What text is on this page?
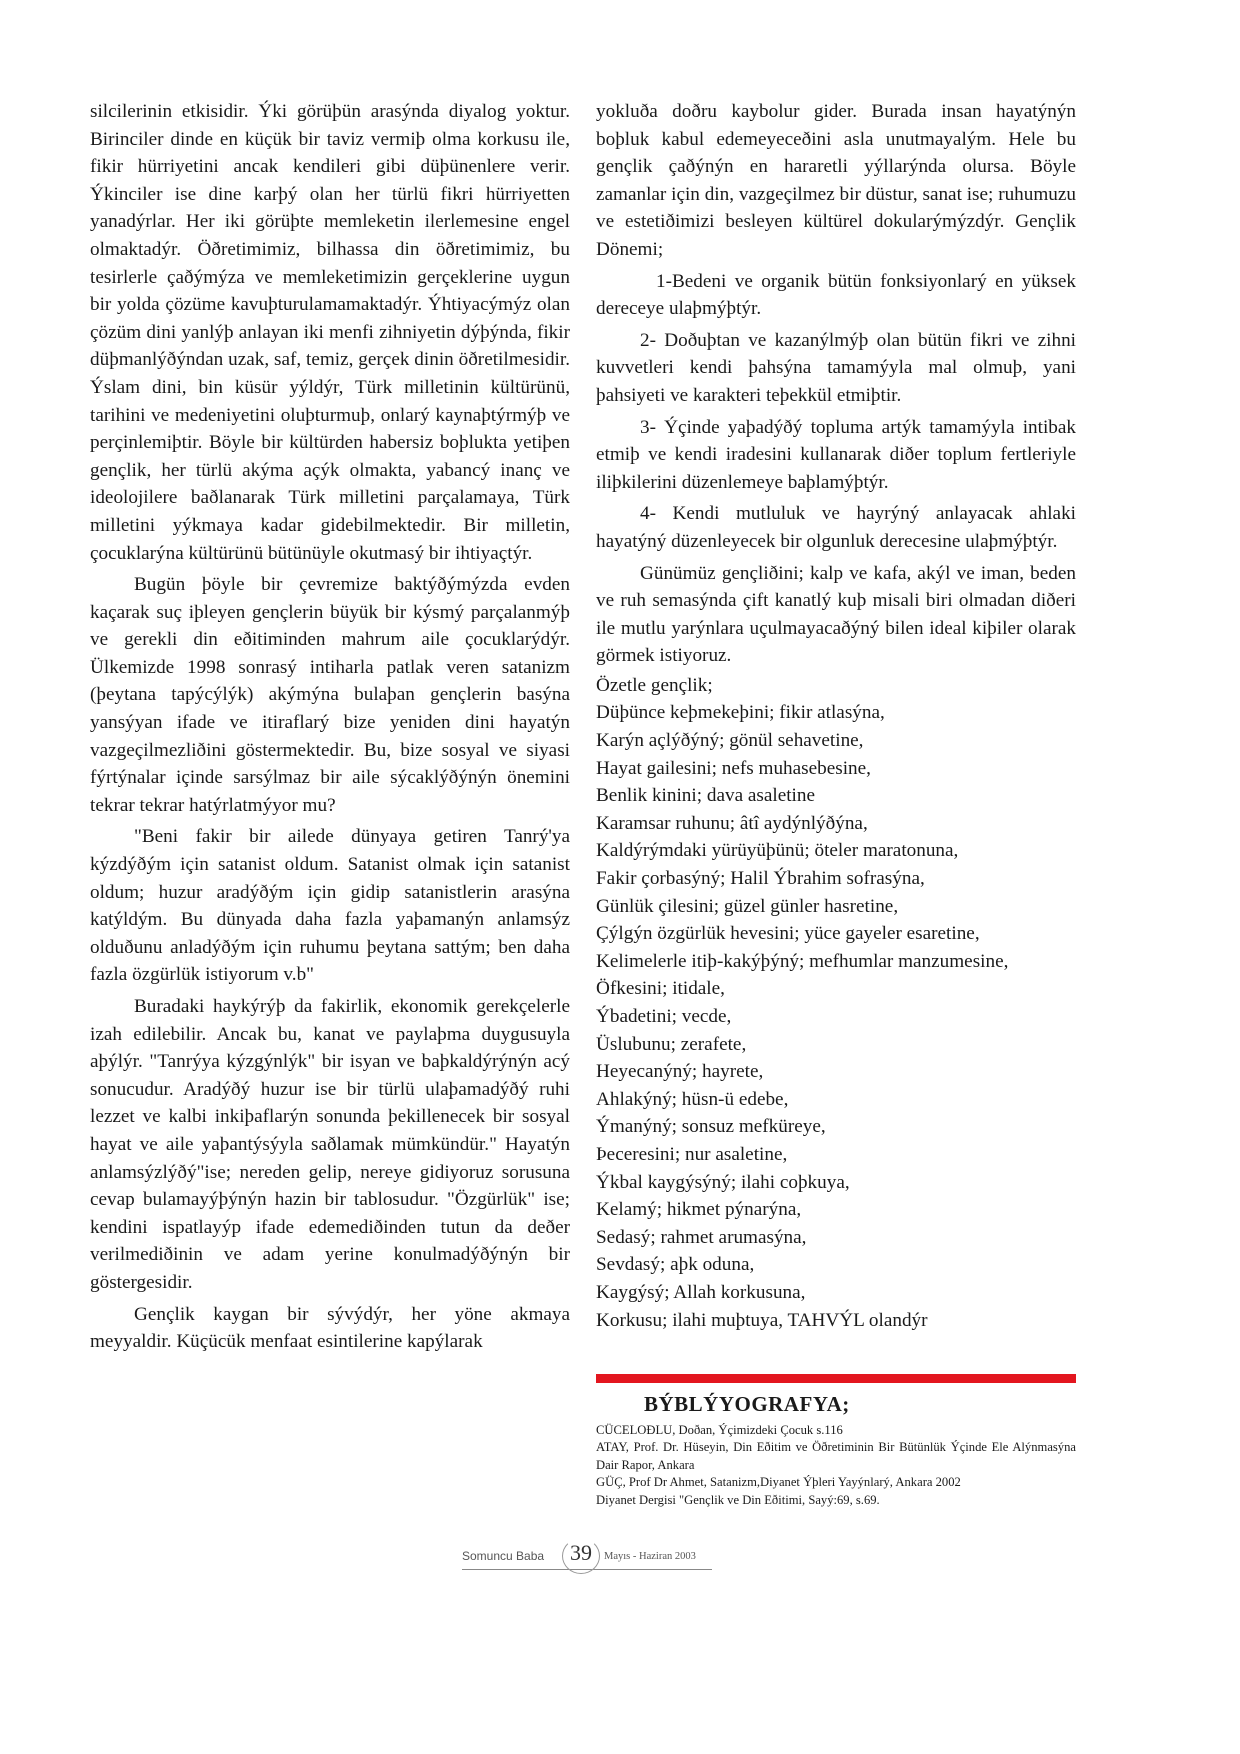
silcilerinin etkisidir. Ýki görüþün arasýnda diyalog yoktur. Birinciler dinde en küçük bir taviz vermiþ olma korkusu ile, fikir hürriyetini ancak kendileri gibi düþünenlere verir. Ýkinciler ise dine karþý olan her türlü fikri hürriyetten yanadýrlar. Her iki görüþte memleketin ilerlemesine engel olmaktadýr. Öðretimimiz, bilhassa din öðretimimiz, bu tesirlerle çaðýmýza ve memleketimizin gerçeklerine uygun bir yolda çözüme kavuþturulamamaktadýr. Ýhtiyacýmýz olan çözüm dini yanlýþ anlayan iki menfi zihniyetin dýþýnda, fikir düþmanlýðýndan uzak, saf, temiz, gerçek dinin öðretilmesidir. Ýslam dini, bin küsür yýldýr, Türk milletinin kültürünü, tarihini ve medeniyetini oluþturmuþ, onlarý kaynaþtýrmýþ ve perçinlemiþtir. Böyle bir kültürden habersiz boþlukta yetiþen gençlik, her türlü akýma açýk olmakta, yabancý inanç ve ideolojilere baðlanarak Türk milletini parçalamaya, Türk milletini yýkmaya kadar gidebilmektedir. Bir milletin, çocuklarýna kültürünü bütünüyle okutmasý bir ihtiyaçtýr.

Bugün þöyle bir çevremize baktýðýmýzda evden kaçarak suç iþleyen gençlerin büyük bir kýsmý parçalanmýþ ve gerekli din eðitiminden mahrum aile çocuklarýdýr. Ülkemizde 1998 sonrasý intiharla patlak veren satanizm (þeytana tapýcýlýk) akýmýna bulaþan gençlerin basýna yansýyan ifade ve itiraflarý bize yeniden dini hayatýn vazgeçilmezliðini göstermektedir. Bu, bize sosyal ve siyasi fýrtýnalar içinde sarsýlmaz bir aile sýcaklýðýnýn önemini tekrar tekrar hatýrlatmýyor mu?

"Beni fakir bir ailede dünyaya getiren Tanrý'ya kýzdýðým için satanist oldum. Satanist olmak için satanist oldum; huzur aradýðým için gidip satanistlerin arasýna katýldým. Bu dünyada daha fazla yaþamanýn anlamsýz olduðunu anladýðým için ruhumu þeytana sattým; ben daha fazla özgürlük istiyorum v.b"

Buradaki haykýrýþ da fakirlik, ekonomik gerekçelerle izah edilebilir. Ancak bu, kanat ve paylaþma duygusuyla aþýlýr. "Tanrýya kýzgýnlýk" bir isyan ve baþkaldýrýnýn acý sonucudur. Aradýðý huzur ise bir türlü ulaþamadýðý ruhi lezzet ve kalbi inkiþaflarýn sonunda þekillenecek bir sosyal hayat ve aile yaþantýsýyla saðlamak mümkündür." Hayatýn anlamsýzlýðý"ise; nereden gelip, nereye gidiyoruz sorusuna cevap bulamayýþýnýn hazin bir tablosudur. "Özgürlük" ise; kendini ispatlayýp ifade edemediðinden tutun da deðer verilmediðinin ve adam yerine konulmadýðýnýn bir göstergesidir.

Gençlik kaygan bir sývýdýr, her yöne akmaya meyyaldir. Küçücük menfaat esintilerine kapýlarak

yokluða doðru kaybolur gider. Burada insan hayatýnýn boþluk kabul edemeyeceðini asla unutmayalým. Hele bu gençlik çaðýnýn en hararetli yýllarýnda olursa. Böyle zamanlar için din, vazgeçilmez bir düstur, sanat ise; ruhumuzu ve estetiðimizi besleyen kültürel dokularýmýzdýr. Gençlik Dönemi;

1-Bedeni ve organik bütün fonksiyonlarý en yüksek dereceye ulaþmýþtýr.

2- Doðuþtan ve kazanýlmýþ olan bütün fikri ve zihni kuvvetleri kendi þahsýna tamamýyla mal olmuþ, yani þahsiyeti ve karakteri teþekkül etmiþtir.

3- Ýçinde yaþadýðý topluma artýk tamamýyla intibak etmiþ ve kendi iradesini kullanarak diðer toplum fertleriyle iliþkilerini düzenlemeye baþlamýþtýr.

4- Kendi mutluluk ve hayrýný anlayacak ahlaki hayatýný düzenleyecek bir olgunluk derecesine ulaþmýþtýr.

Günümüz gençliðini; kalp ve kafa, akýl ve iman, beden ve ruh semasýnda çift kanatlý kuþ misali biri olmadan diðeri ile mutlu yarýnlara uçulmayacaðýný bilen ideal kiþiler olarak görmek istiyoruz.

Özetle gençlik;
Düþünce keþmekeþini; fikir atlasýna,
Karýn açlýðýný; gönül sehavetine,
Hayat gailesini; nefs muhasebesine,
Benlik kinini; dava asaletine
Karamsar ruhunu; âtî aydýnlýðýna,
Kaldýrýmdaki yürüyüþünü; öteler maratonuna,
Fakir çorbasýný; Halil Ýbrahim sofrasýna,
Günlük çilesini; güzel günler hasretine,
Çýlgýn özgürlük hevesini; yüce gayeler esaretine,
Kelimelerle itiþ-kakýþýný; mefhumlar manzumesine,
Öfkesini; itidale,
Ýbadetini; vecde,
Üslubunu; zerafete,
Heyecanýný; hayrete,
Ahlakýný; hüsn-ü edebe,
Ýmanýný; sonsuz mefküreye,
Þeceresini; nur asaletine,
Ýkbal kaygýsýný; ilahi coþkuya,
Kelamý; hikmet pýnarýna,
Sedasý; rahmet arumasýna,
Sevdasý; aþk oduna,
Kaygýsý; Allah korkusuna,
Korkusu; ilahi muþtuya, TAHVÝL olandýr
BÝBLÝYOGRAFYA;
CÜCELOÐLU, Doðan, Ýçimizdeki Çocuk s.116
ATAY, Prof. Dr. Hüseyin, Din Eðitim ve Öðretiminin Bir Bütünlük Ýçinde Ele Alýnmasýna Dair Rapor, Ankara
GÜÇ, Prof Dr Ahmet, Satanizm,Diyanet Ýþleri Yayýnlarý, Ankara 2002
Diyanet Dergisi "Gençlik ve Din Eðitimi, Sayý:69, s.69.
Somuncu Baba 39 Mayıs - Haziran 2003
